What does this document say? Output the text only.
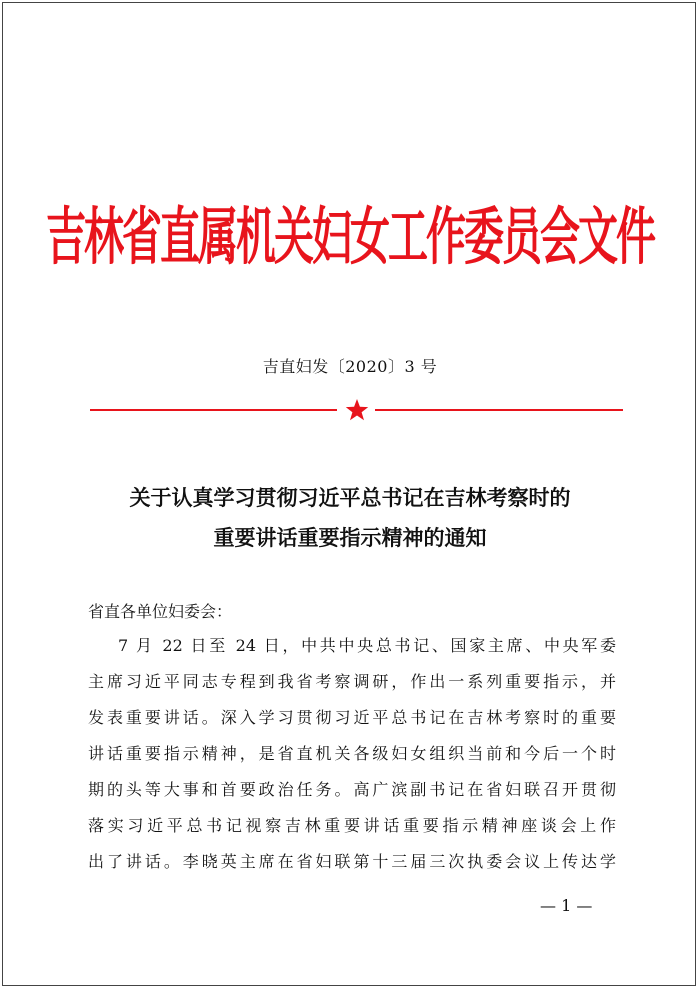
吉林省直属机关妇女工作委员会文件
吉直妇发〔2020〕3 号
关于认真学习贯彻习近平总书记在吉林考察时的
重要讲话重要指示精神的通知
省直各单位妇委会：
7 月 22 日至 24 日，中共中央总书记、国家主席、中央军委
主席习近平同志专程到我省考察调研，作出一系列重要指示，并
发表重要讲话。深入学习贯彻习近平总书记在吉林考察时的重要
讲话重要指示精神，是省直机关各级妇女组织当前和今后一个时
期的头等大事和首要政治任务。高广滨副书记在省妇联召开贯彻
落实习近平总书记视察吉林重要讲话重要指示精神座谈会上作
出了讲话。李晓英主席在省妇联第十三届三次执委会议上传达学
— 1 —
